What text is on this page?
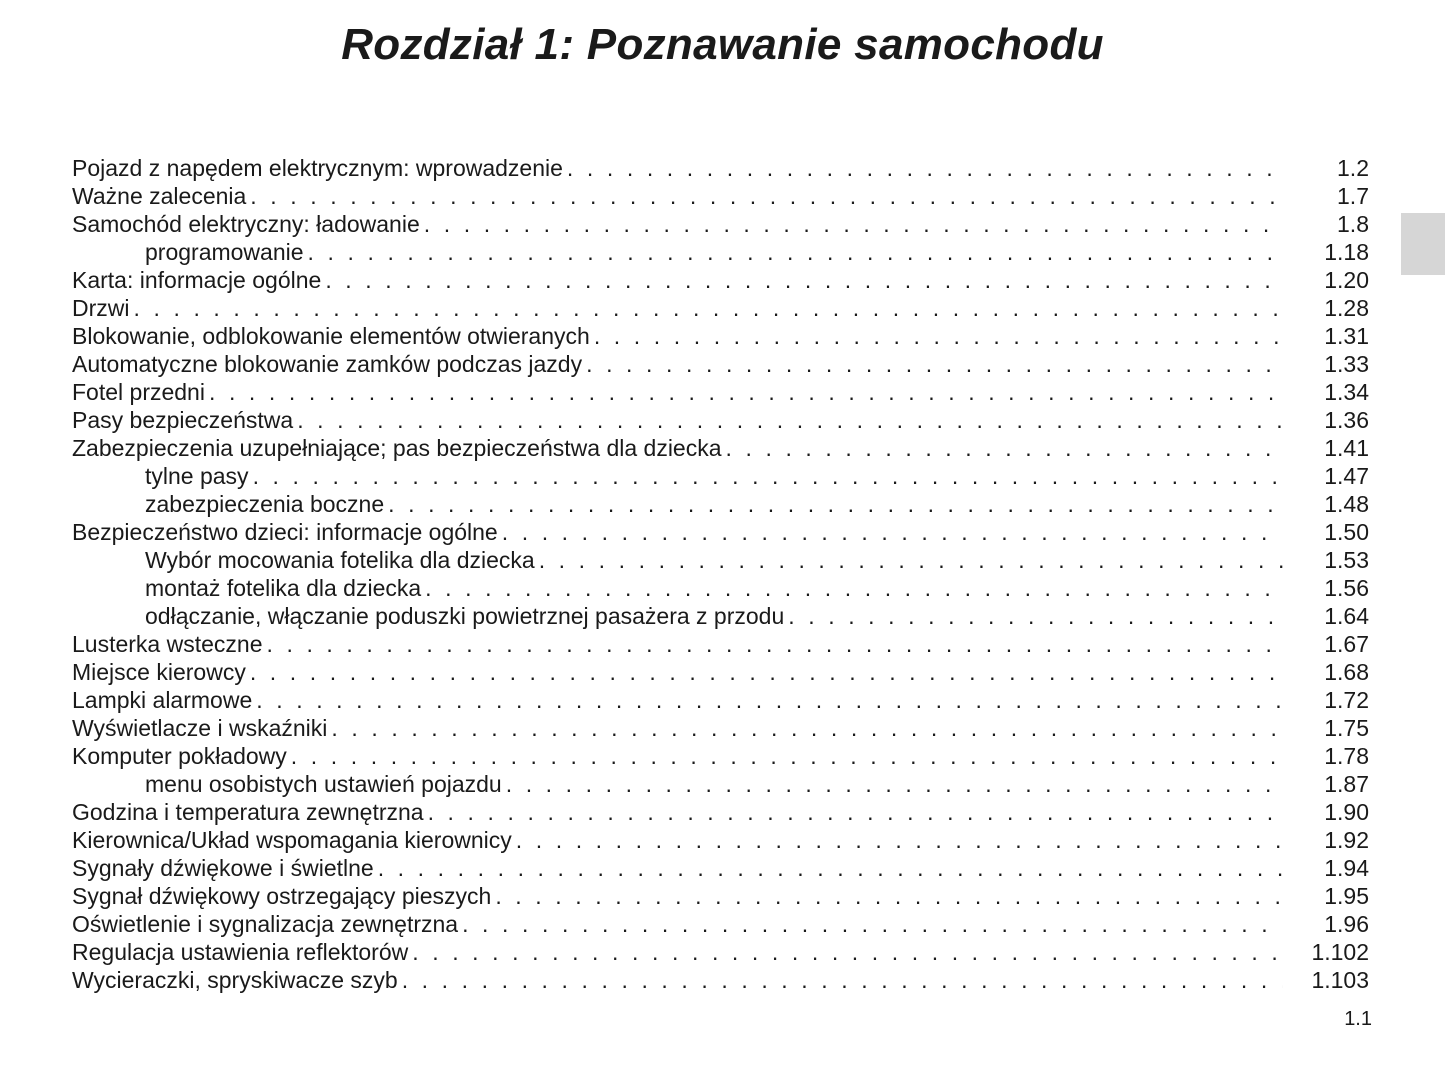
Rozdział 1: Poznawanie samochodu
Pojazd z napędem elektrycznym: wprowadzenie . . .	1.2
Ważne zalecenia . . .	1.7
Samochód elektryczny: ładowanie . . .	1.8
programowanie . . .	1.18
Karta: informacje ogólne . . .	1.20
Drzwi . . .	1.28
Blokowanie, odblokowanie elementów otwieranych . . .	1.31
Automatyczne blokowanie zamków podczas jazdy . . .	1.33
Fotel przedni . . .	1.34
Pasy bezpieczeństwa . . .	1.36
Zabezpieczenia uzupełniające; pas bezpieczeństwa dla dziecka . . .	1.41
tylne pasy . . .	1.47
zabezpieczenia boczne . . .	1.48
Bezpieczeństwo dzieci: informacje ogólne . . .	1.50
Wybór mocowania fotelika dla dziecka . . .	1.53
montaż fotelika dla dziecka . . .	1.56
odłączanie, włączanie poduszki powietrznej pasażera z przodu . . .	1.64
Lusterka wsteczne . . .	1.67
Miejsce kierowcy . . .	1.68
Lampki alarmowe . . .	1.72
Wyświetlacze i wskaźniki . . .	1.75
Komputer pokładowy . . .	1.78
menu osobistych ustawień pojazdu . . .	1.87
Godzina i temperatura zewnętrzna . . .	1.90
Kierownica/Układ wspomagania kierownicy . . .	1.92
Sygnały dźwiękowe i świetlne . . .	1.94
Sygnał dźwiękowy ostrzegający pieszych . . .	1.95
Oświetlenie i sygnalizacja zewnętrzna . . .	1.96
Regulacja ustawienia reflektorów . . .	1.102
Wycieraczki, spryskiwacze szyb . . .	1.103
1.1
